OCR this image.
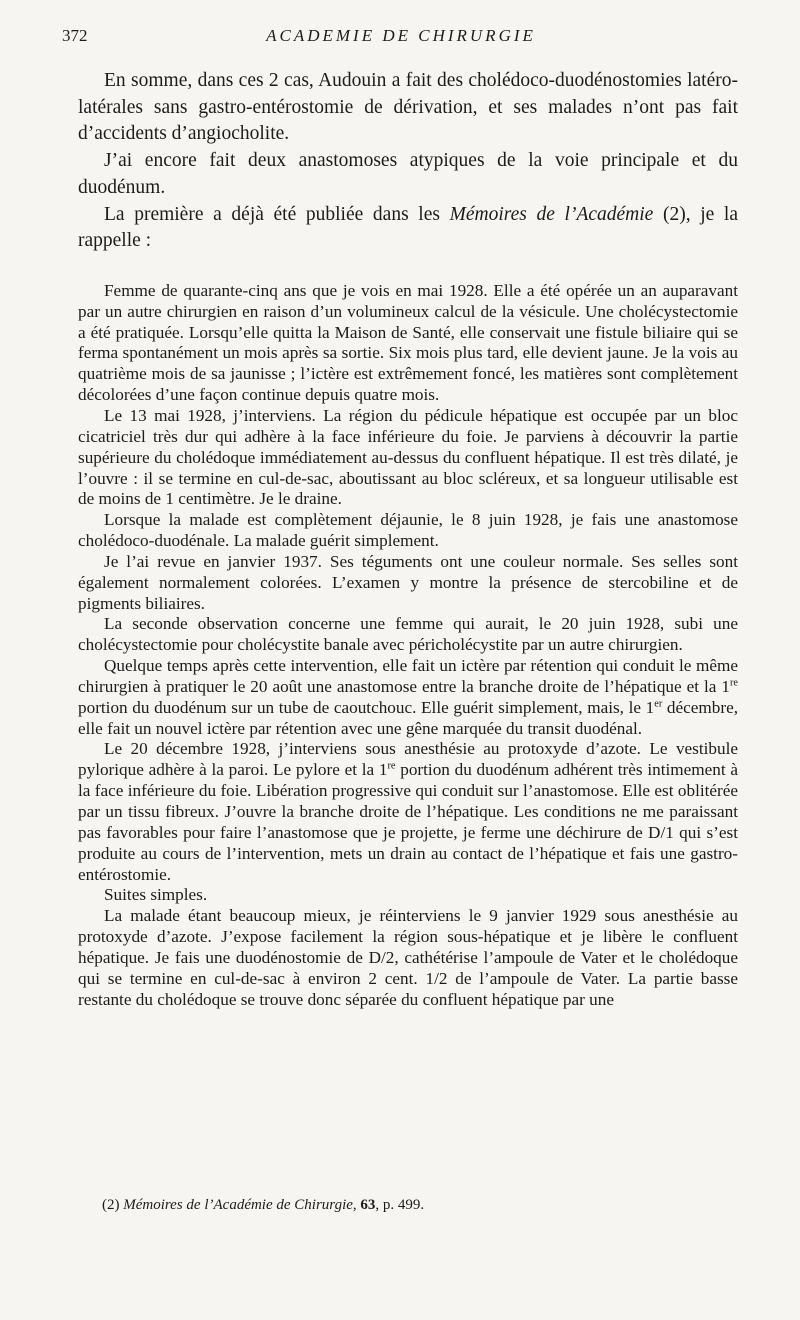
372	ACADEMIE DE CHIRURGIE

En somme, dans ces 2 cas, Audouin a fait des cholédoco-duodénostomies latéro-latérales sans gastro-entérostomie de dérivation, et ses malades n’ont pas fait d’accidents d’angiocholite.

J’ai encore fait deux anastomoses atypiques de la voie principale et du duodénum.

La première a déjà été publiée dans les Mémoires de l’Académie (2), je la rappelle :

Femme de quarante-cinq ans que je vois en mai 1928. Elle a été opérée un an auparavant par un autre chirurgien en raison d’un volumineux calcul de la vésicule. Une cholécystectomie a été pratiquée. Lorsqu’elle quitta la Maison de Santé, elle conservait une fistule biliaire qui se ferma spontanément un mois après sa sortie. Six mois plus tard, elle devient jaune. Je la vois au quatrième mois de sa jaunisse ; l’ictère est extrêmement foncé, les matières sont complètement décolorées d’une façon continue depuis quatre mois.

Le 13 mai 1928, j’interviens. La région du pédicule hépatique est occupée par un bloc cicatriciel très dur qui adhère à la face inférieure du foie. Je parviens à découvrir la partie supérieure du cholédoque immédiatement au-dessus du confluent hépatique. Il est très dilaté, je l’ouvre : il se termine en cul-de-sac, aboutissant au bloc scléreux, et sa longueur utilisable est de moins de 1 centimètre. Je le draine.

Lorsque la malade est complètement déjaunie, le 8 juin 1928, je fais une anastomose cholédoco-duodénale. La malade guérit simplement.

Je l’ai revue en janvier 1937. Ses téguments ont une couleur normale. Ses selles sont également normalement colorées. L’examen y montre la présence de stercobiline et de pigments biliaires.

La seconde observation concerne une femme qui aurait, le 20 juin 1928, subi une cholécystectomie pour cholécystite banale avec péricholécystite par un autre chirurgien.

Quelque temps après cette intervention, elle fait un ictère par rétention qui conduit le même chirurgien à pratiquer le 20 août une anastomose entre la branche droite de l’hépatique et la 1re portion du duodénum sur un tube de caoutchouc. Elle guérit simplement, mais, le 1er décembre, elle fait un nouvel ictère par rétention avec une gêne marquée du transit duodénal.

Le 20 décembre 1928, j’interviens sous anesthésie au protoxyde d’azote. Le vestibule pylorique adhère à la paroi. Le pylore et la 1re portion du duodénum adhérent très intimement à la face inférieure du foie. Libération progressive qui conduit sur l’anastomose. Elle est oblitérée par un tissu fibreux. J’ouvre la branche droite de l’hépatique. Les conditions ne me paraissant pas favorables pour faire l’anastomose que je projette, je ferme une déchirure de D/1 qui s’est produite au cours de l’intervention, mets un drain au contact de l’hépatique et fais une gastro-entérostomie.

Suites simples.

La malade étant beaucoup mieux, je réinterviens le 9 janvier 1929 sous anesthésie au protoxyde d’azote. J’expose facilement la région sous-hépatique et je libère le confluent hépatique. Je fais une duodénostomie de D/2, cathétérise l’ampoule de Vater et le cholédoque qui se termine en cul-de-sac à environ 2 cent. 1/2 de l’ampoule de Vater. La partie basse restante du cholédoque se trouve donc séparée du confluent hépatique par une

(2) Mémoires de l’Académie de Chirurgie, 63, p. 499.
